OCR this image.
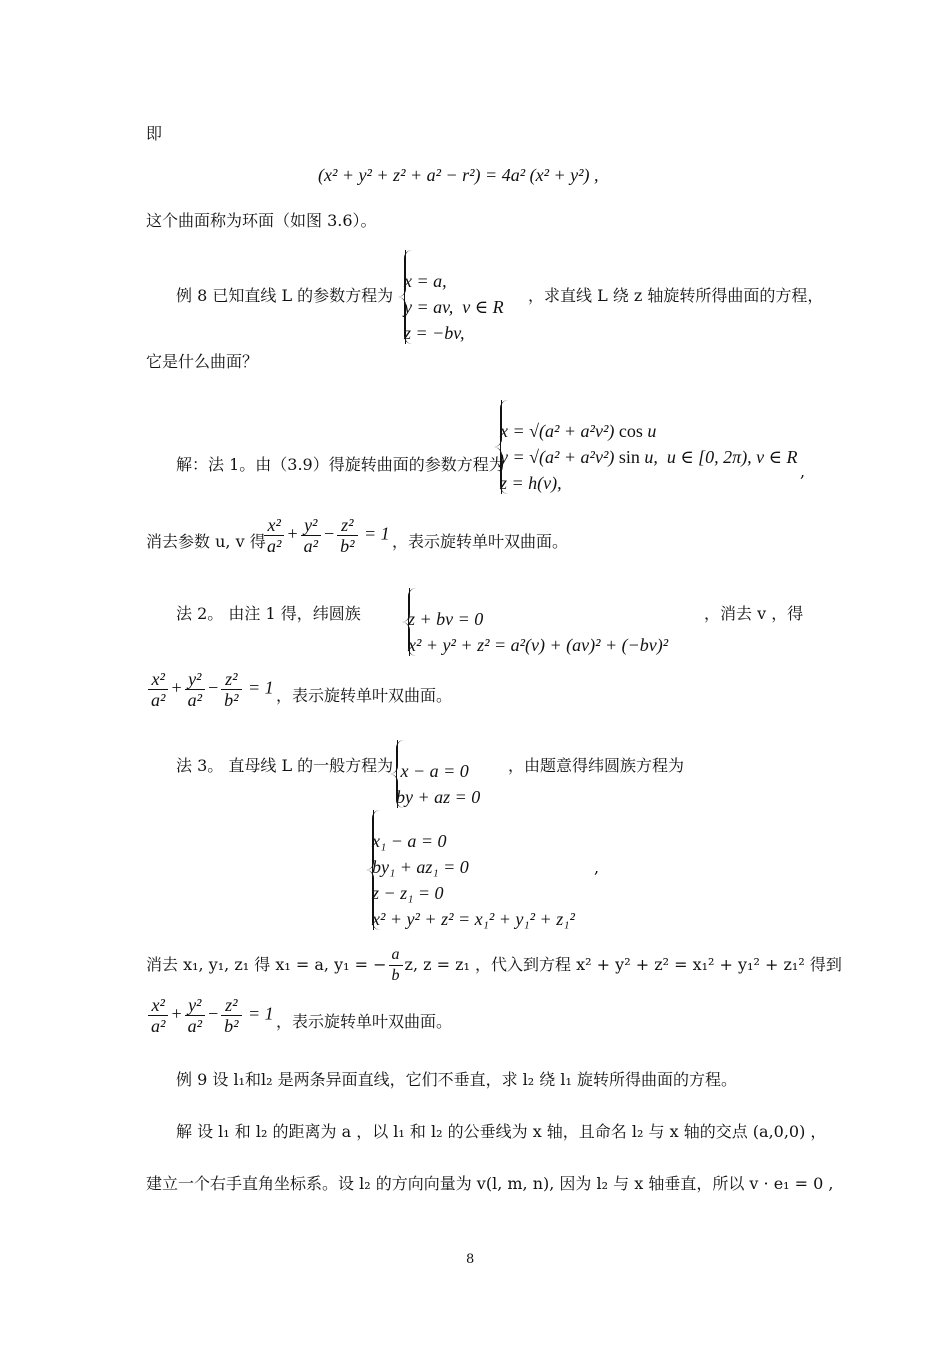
即
(x² + y² + z² + a² − r²) = 4a² (x² + y²) ,
这个曲面称为环面（如图 3.6）。
例 8 已知直线 L 的参数方程为
x = a,
y = av,  v ∈ R
z = −bv,
，求直线 L 绕 z 轴旋转所得曲面的方程，
它是什么曲面？
解：法 1。由（3.9）得旋转曲面的参数方程为
x = √(a² + a²v²) cos u
y = √(a² + a²v²) sin u,  u ∈ [0, 2π), v ∈ R
z = h(v),
,
消去参数 u, v 得
$\frac{\text{x²}}{\text{a²}} + \frac{\text{y²}}{\text{a²}} - \frac{\text{z²}}{\text{b²}} = 1$ ，表示旋转单叶双曲面。
法 2。 由注 1 得，纬圆族	z + bv = 0
x² + y² + z² = a²(v) + (av)² + (−bv)²
，消去 v ，得
$\frac{\text{x²}}{\text{a²}} + \frac{\text{y²}}{\text{a²}} - \frac{\text{z²}}{\text{b²}} = 1$ ，表示旋转单叶双曲面。
法 3。 直母线 L 的一般方程为 x − a = 0
by + az = 0
，由题意得纬圆族方程为
x₁ − a = 0
by₁ + az₁ = 0
z − z₁ = 0
x² + y² + z² = x₁² + y₁² + z₁²
,
消去 x₁, y₁, z₁ 得 x₁ = a, y₁ = − $\frac{a}{b} z$, z = z₁ ，代入到方程 x² + y² + z² = x₁² + y₁² + z₁² 得到
$\frac{\text{x²}}{\text{a²}} + \frac{\text{y²}}{\text{a²}} - \frac{\text{z²}}{\text{b²}} = 1$ ，表示旋转单叶双曲面。
例 9 设 l₁和l₂ 是两条异面直线，它们不垂直，求 l₂ 绕 l₁ 旋转所得曲面的方程。
解 设 l₁ 和 l₂ 的距离为 a ，以 l₁ 和 l₂ 的公垂线为 x 轴，且命名 l₂ 与 x 轴的交点 (a,0,0) ，
建立一个右手直角坐标系。设 l₂ 的方向向量为 v(l, m, n), 因为 l₂ 与 x 轴垂直，所以 v · e₁ = 0 ,
8
